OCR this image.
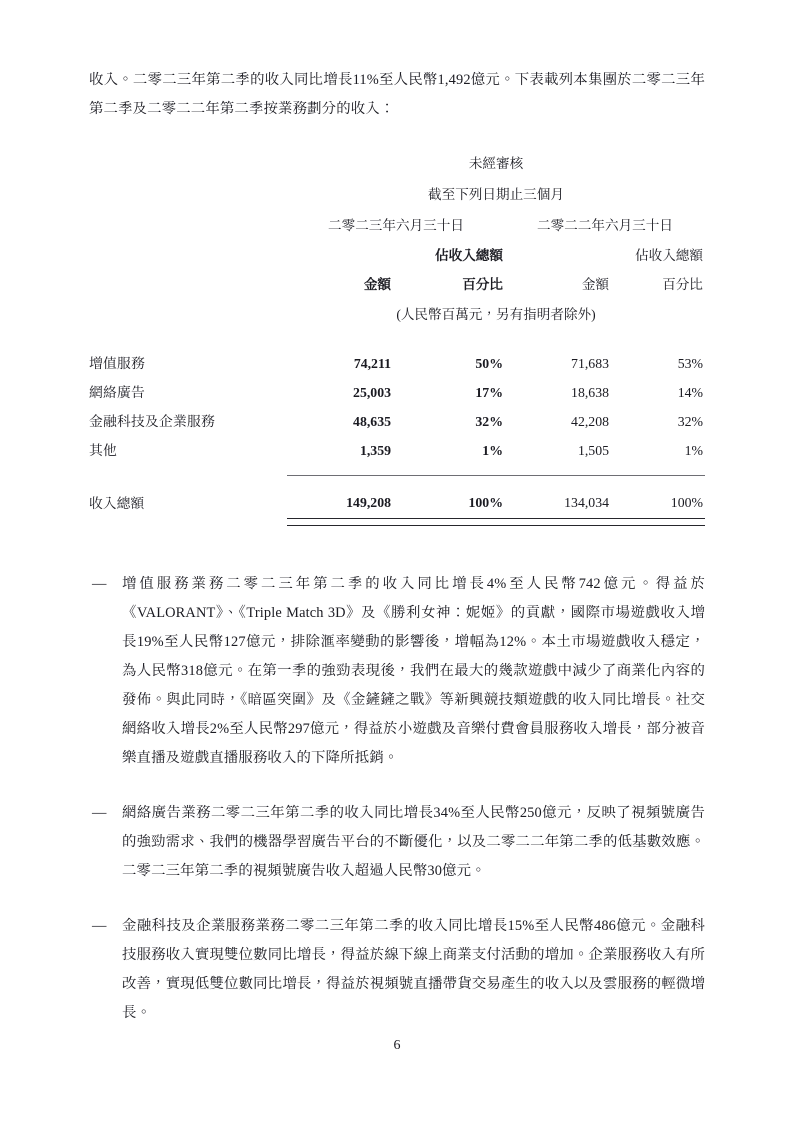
收入。二零二三年第二季的收入同比增長11%至人民幣1,492億元。下表載列本集團於二零二三年第二季及二零二二年第二季按業務劃分的收入：

	未經審核			
	截至下列日期止三個月			
	二零二三年六月三十日		二零二二年六月三十日	
		佔收入總額		佔收入總額
	金額	百分比	金額	百分比
	(人民幣百萬元，另有指明者除外)			

增值服務	74,211	50%	71,683	53%
網絡廣告	25,003	17%	18,638	14%
金融科技及企業服務	48,635	32%	42,208	32%
其他	1,359	1%	1,505	1%

收入總額	149,208	100%	134,034	100%

— 增值服務業務二零二三年第二季的收入同比增長4%至人民幣742億元。得益於《VALORANT》、《Triple Match 3D》及《勝利女神：妮姬》的貢獻，國際市場遊戲收入增長19%至人民幣127億元，排除滙率變動的影響後，增幅為12%。本土市場遊戲收入穩定，為人民幣318億元。在第一季的強勁表現後，我們在最大的幾款遊戲中減少了商業化內容的發佈。與此同時，《暗區突圍》及《金鏟鏟之戰》等新興競技類遊戲的收入同比增長。社交網絡收入增長2%至人民幣297億元，得益於小遊戲及音樂付費會員服務收入增長，部分被音樂直播及遊戲直播服務收入的下降所抵銷。
— 網絡廣告業務二零二三年第二季的收入同比增長34%至人民幣250億元，反映了視頻號廣告的強勁需求、我們的機器學習廣告平台的不斷優化，以及二零二二年第二季的低基數效應。二零二三年第二季的視頻號廣告收入超過人民幣30億元。
— 金融科技及企業服務業務二零二三年第二季的收入同比增長15%至人民幣486億元。金融科技服務收入實現雙位數同比增長，得益於線下線上商業支付活動的增加。企業服務收入有所改善，實現低雙位數同比增長，得益於視頻號直播帶貨交易產生的收入以及雲服務的輕微增長。
6
